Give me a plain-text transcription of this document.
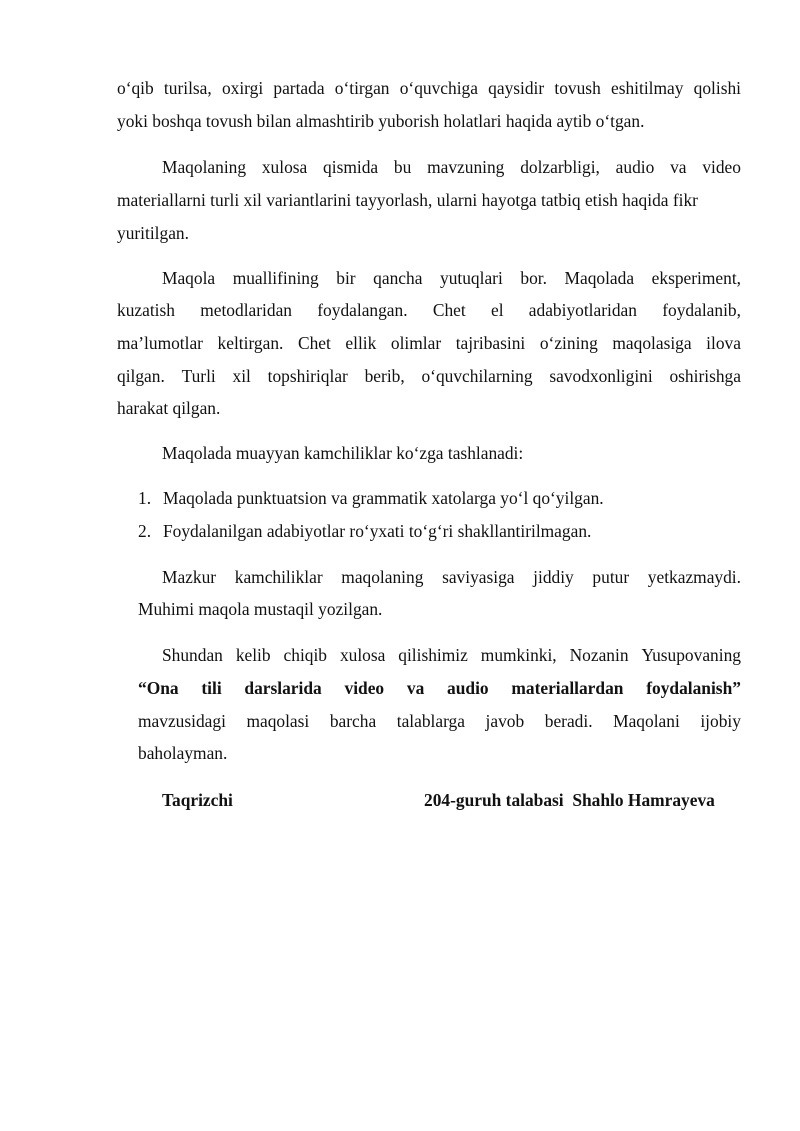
o‘qib turilsa, oxirgi partada o‘tirgan o‘quvchiga qaysidir tovush eshitilmay qolishi
yoki boshqa tovush bilan almashtirib yuborish holatlari haqida aytib o‘tgan.
Maqolaning xulosa qismida bu mavzuning dolzarbligi, audio va video
materiallarni turli xil variantlarini tayyorlash, ularni hayotga tatbiq etish haqida fikr
yuritilgan.
Maqola muallifining bir qancha yutuqlari bor. Maqolada eksperiment,
kuzatish metodlaridan foydalangan. Chet el adabiyotlaridan foydalanib,
ma’lumotlar keltirgan. Chet ellik olimlar tajribasini o‘zining maqolasiga ilova
qilgan. Turli xil topshiriqlar berib, o‘quvchilarning savodxonligini oshirishga
harakat qilgan.
Maqolada muayyan kamchiliklar ko‘zga tashlanadi:
1. Maqolada punktuatsion va grammatik xatolarga yo‘l qo‘yilgan.
2. Foydalanilgan adabiyotlar ro‘yxati to‘g‘ri shakllantirilmagan.
Mazkur kamchiliklar maqolaning saviyasiga jiddiy putur yetkazmaydi.
Muhimi maqola mustaqil yozilgan.
Shundan kelib chiqib xulosa qilishimiz mumkinki, Nozanin Yusupovaning
“Ona tili darslarida video va audio materiallardan foydalanish”
mavzusidagi maqolasi barcha talablarga javob beradi. Maqolani ijobiy
baholayman.
Taqrizchi	204-guruh talabasi  Shahlo Hamrayeva
